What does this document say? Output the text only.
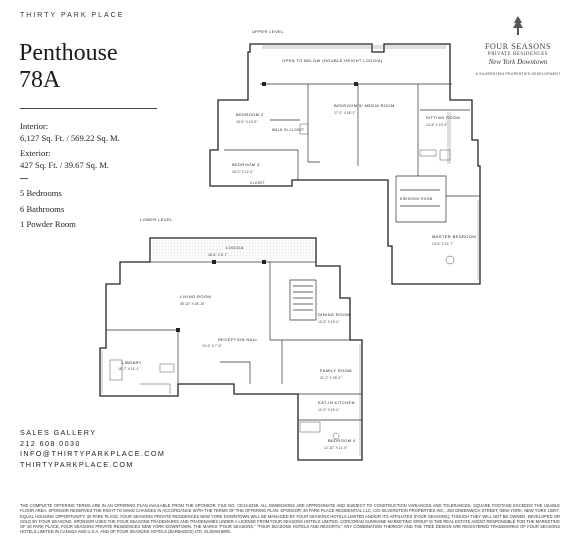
THIRTY PARK PLACE
Penthouse
78A
Interior:
6,127 Sq. Ft. / 569.22 Sq. M.
Exterior:
427 Sq. Ft. / 39.67 Sq. M.
5 Bedrooms
6 Bathrooms
1 Powder Room
SALES GALLERY
212 608 0030
INFO@THIRTYPARKPLACE.COM
THIRTYPARKPLACE.COM
FOUR SEASONS
PRIVATE RESIDENCES
New York Downtown
A SILVERSTEIN PROPERTIES DEVELOPMENT
UPPER LEVEL
LOWER LEVEL
OPEN TO BELOW (DOUBLE HEIGHT LOGGIA)
BEDROOM 2
15'-6" X 13'-9"
BEDROOM 5/ MEDIA ROOM
17'-0" X 18'-1"
SITTING ROOM
13'-8" X 19'-3"
BEDROOM 3
16'-0" X 12'-0"
MASTER BEDROOM
14'-6" X 22'-7"
DRESSING ROOM
WALK-IN CLOSET
CLOSET
LOGGIA
48'-6" X 8'-7"
LIVING ROOM
45'-10" X 18'-10"
DINING ROOM
13'-5" X 19'-0"
RECEPTION HALL
10'-6" X 7'-3"
LIBRARY
18'-7" X 14'-1"	FAMILY ROOM
21'-2" X 25'-4"
EAT-IN KITCHEN
12'-9" X 16'-0"
BEDROOM 4
12'-10" X 11'-0"
THE COMPLETE OFFERING TERMS ARE IN AN OFFERING PLAN AVAILABLE FROM THE SPONSOR. FILE NO. CD13-0258. ALL DIMENSIONS ARE APPROXIMATE AND SUBJECT TO CONSTRUCTION VARIANCES AND TOLERANCES. SQUARE FOOTAGE EXCEEDS THE USABLE FLOOR AREA. SPONSOR RESERVES THE RIGHT TO MAKE CHANGES IN ACCORDANCE WITH THE TERMS OF THE OFFERING PLAN. SPONSOR: 30 PARK PLACE RESIDENTIAL LLC, C/O SILVERSTEIN PROPERTIES INC., 250 GREENWICH STREET, NEW YORK, NEW YORK 10007. EQUAL HOUSING OPPORTUNITY. 30 PARK PLACE, FOUR SEASONS PRIVATE RESIDENCES NEW YORK DOWNTOWN WILL BE MANAGED BY FOUR SEASONS HOTELS LIMITED AND/OR ITS AFFILIATES (FOUR SEASONS), THOUGH THEY WILL NOT BE OWNED, DEVELOPED OR SOLD BY FOUR SEASONS. SPONSOR USES THE FOUR SEASONS TRADEMARKS AND TRADENAMES UNDER A LICENSE FROM FOUR SEASONS HOTELS LIMITED. CORCORAN SUNSHINE MARKETING GROUP IS THE REAL ESTATE AGENT RESPONSIBLE FOR THE MARKETING OF 30 PARK PLACE, FOUR SEASONS PRIVATE RESIDENCES NEW YORK DOWNTOWN. THE MARKS "FOUR SEASONS," "FOUR SEASONS HOTELS AND RESORTS," ANY COMBINATION THEREOF AND THE TREE DESIGN ARE REGISTERED TRADEMARKS OF FOUR SEASONS HOTELS LIMITED IN CANADA AND U.S.A. AND OF FOUR SEASONS HOTELS (BARBADOS) LTD. ELSEWHERE.
